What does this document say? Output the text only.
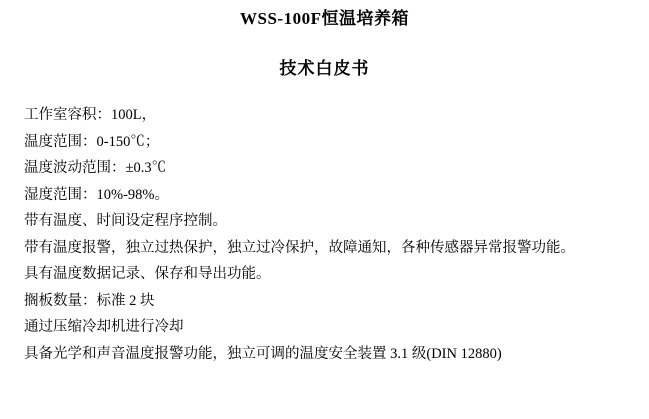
WSS-100F恒温培养箱
技术白皮书
工作室容积：100L，
温度范围：0-150℃；
温度波动范围：±0.3℃
湿度范围：10%-98%。
带有温度、时间设定程序控制。
带有温度报警，独立过热保护，独立过冷保护，故障通知，各种传感器异常报警功能。
具有温度数据记录、保存和导出功能。
搁板数量：标准 2 块
通过压缩冷却机进行冷却
具备光学和声音温度报警功能，独立可调的温度安全装置 3.1 级(DIN 12880)
